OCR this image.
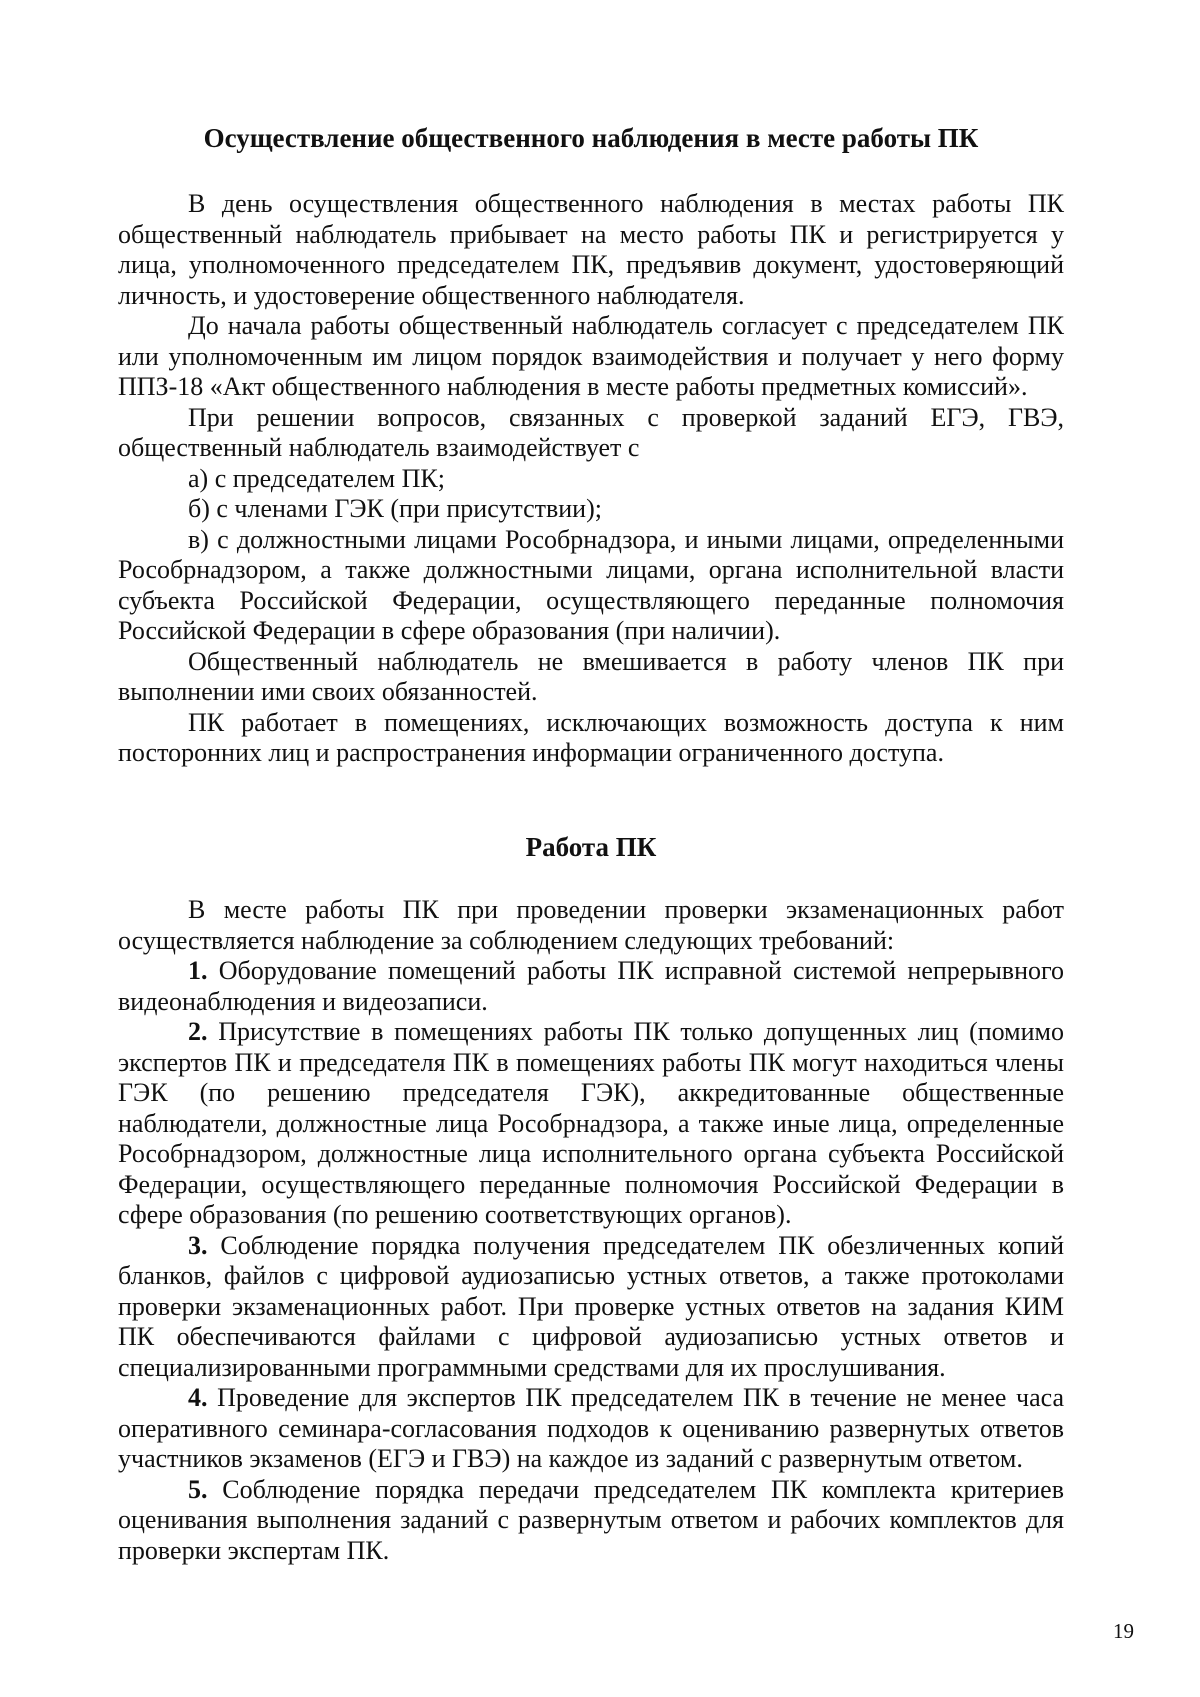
Осуществление общественного наблюдения в месте работы ПК

В день осуществления общественного наблюдения в местах работы ПК общественный наблюдатель прибывает на место работы ПК и регистрируется у лица, уполномоченного председателем ПК, предъявив документ, удостоверяющий личность, и удостоверение общественного наблюдателя.

До начала работы общественный наблюдатель согласует с председателем ПК или уполномоченным им лицом порядок взаимодействия и получает у него форму ППЗ-18 «Акт общественного наблюдения в месте работы предметных комиссий».

При решении вопросов, связанных с проверкой заданий ЕГЭ, ГВЭ, общественный наблюдатель взаимодействует с

а) с председателем ПК;

б) с членами ГЭК (при присутствии);

в) с должностными лицами Рособрнадзора, и иными лицами, определенными Рособрнадзором, а также должностными лицами, органа исполнительной власти субъекта Российской Федерации, осуществляющего переданные полномочия Российской Федерации в сфере образования (при наличии).

Общественный наблюдатель не вмешивается в работу членов ПК при выполнении ими своих обязанностей.

ПК работает в помещениях, исключающих возможность доступа к ним посторонних лиц и распространения информации ограниченного доступа.

Работа ПК

В месте работы ПК при проведении проверки экзаменационных работ осуществляется наблюдение за соблюдением следующих требований:

1. Оборудование помещений работы ПК исправной системой непрерывного видеонаблюдения и видеозаписи.

2. Присутствие в помещениях работы ПК только допущенных лиц (помимо экспертов ПК и председателя ПК в помещениях работы ПК могут находиться члены ГЭК (по решению председателя ГЭК), аккредитованные общественные наблюдатели, должностные лица Рособрнадзора, а также иные лица, определенные Рособрнадзором, должностные лица исполнительного органа субъекта Российской Федерации, осуществляющего переданные полномочия Российской Федерации в сфере образования (по решению соответствующих органов).

3. Соблюдение порядка получения председателем ПК обезличенных копий бланков, файлов с цифровой аудиозаписью устных ответов, а также протоколами проверки экзаменационных работ. При проверке устных ответов на задания КИМ ПК обеспечиваются файлами с цифровой аудиозаписью устных ответов и специализированными программными средствами для их прослушивания.

4. Проведение для экспертов ПК председателем ПК в течение не менее часа оперативного семинара-согласования подходов к оцениванию развернутых ответов участников экзаменов (ЕГЭ и ГВЭ) на каждое из заданий с развернутым ответом.

5. Соблюдение порядка передачи председателем ПК комплекта критериев оценивания выполнения заданий с развернутым ответом и рабочих комплектов для проверки экспертам ПК.

19
